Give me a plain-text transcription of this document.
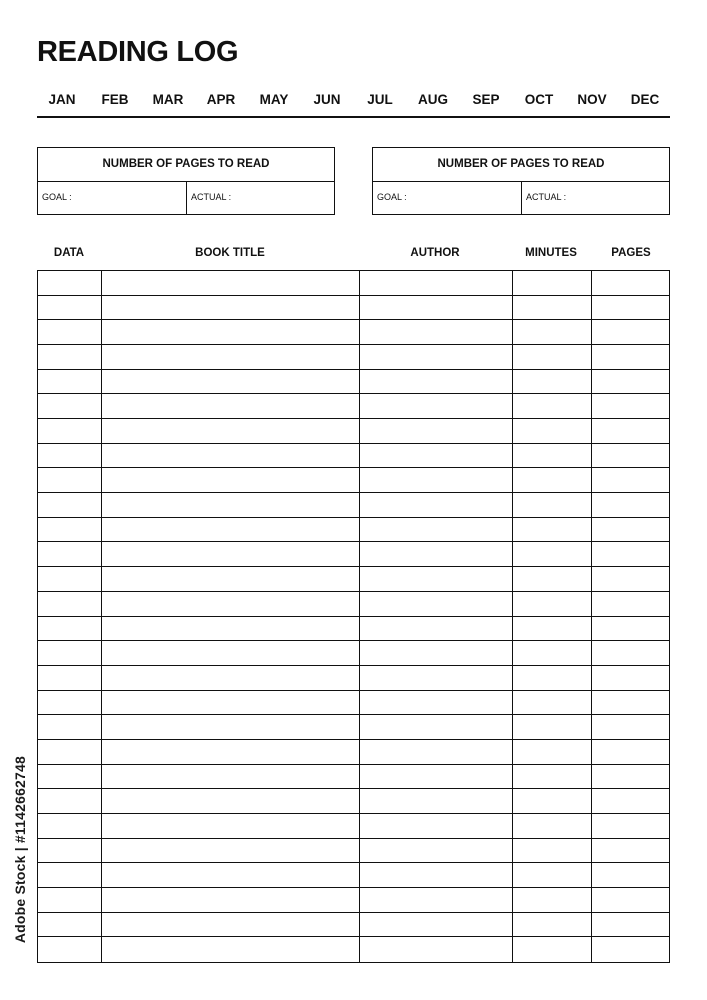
READING LOG
JAN	FEB	MAR	APR	MAY	JUN	JUL	AUG	SEP	OCT	NOV	DEC
NUMBER OF PAGES TO READ
GOAL :	ACTUAL :
NUMBER OF PAGES TO READ
GOAL :	ACTUAL :
DATA	BOOK TITLE	AUTHOR	MINUTES	PAGES
Adobe Stock | #1142662748
